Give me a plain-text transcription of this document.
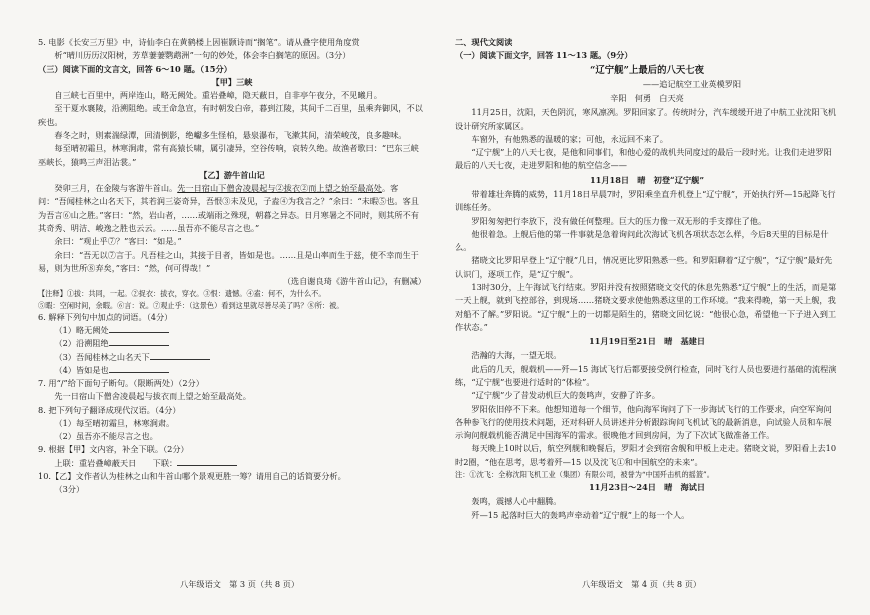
5. 电影《长安三万里》中，诗仙李白在黄鹤楼上因崔颢诗而“搁笔”。请从叠字使用角度赏

析“晴川历历汉阳树，芳草萋萋鹦鹉洲”一句的妙处，体会李白搁笔的原因。（3分）

（三）阅读下面的文言文，回答 6～10 题。（15分）

【甲】三峡

自三峡七百里中，两岸连山，略无阙处。重岩叠嶂，隐天蔽日，自非亭午夜分，不见曦月。

至于夏水襄陵，沿溯阻绝。或王命急宣，有时朝发白帝，暮到江陵，其间千二百里，虽乘奔御风，不以疾也。

春冬之时，则素湍绿潭，回清倒影，绝巘多生怪柏，悬泉瀑布，飞漱其间，清荣峻茂，良多趣味。

每至晴初霜旦，林寒涧肃，常有高猿长啸，属引凄异，空谷传响，哀转久绝。故渔者歌曰：“巴东三峡巫峡长，猿鸣三声泪沾裳。”

【乙】游牛首山记

癸卯三月，在金陵与客游牛首山。先一日宿山下僧舍凌晨起与②拔衣②而上望之始至最高处。客问：“吾闻桂林之山名天下，其若润三姿奇异，吾恨③未及见，子盍④为我言之？”余曰：“未暇⑤也。客且为吾言⑥山之胜。”客曰：“然，岩山者，……或端雨之殊现，朝暮之异态。日月寒暑之不同时，则其所不有其奇秀、明洁、峻逸之胜也云云。……虽吾亦不能尽言之也。”

余曰：“观止乎⑦？”客曰：“如是。”

余曰：“吾无以⑦言于。凡吾桂之山，其接于目者，皆如是也。……且是山率而生于兹，使不幸而生于易，则为世所⑧弃矣，”客曰：“然，何可得哉！”

（选自谢良琦《游牛首山记》，有删减）

【注释】①拔：共同，一起。②捉衣：拔衣，穿衣。③恨：遗憾。④盍：何不，为什么不。

⑤暇：空闲时间，余暇。⑥言：说。⑦观止乎：（这景色）看到这里就尽善尽美了吗？⑧所：被。

6. 解释下列句中加点的词语。（4分）

（1）略无阙处

（2）沿溯阻绝

（3）吾闻桂林之山名天下

（4）皆如是也

7. 用“/”给下面句子断句。（限断两处）（2分）

先一日宿山下僧舍凌晨起与拔衣而上望之始至最高处。

8. 把下列句子翻译成现代汉语。（4分）

（1）每至晴初霜旦，林寒涧肃。

（2）虽吾亦不能尽言之也。

9. 根据【甲】文内容，补全下联。（2分）

上联：重岩叠嶂蔽天日　　 下联：

10.【乙】文作者认为桂林之山和牛首山哪个景观更胜一筹？请用自己的话简要分析。

（3分）

八年级语文　第 3 页（共 8 页）

二、现代文阅读

（一）阅读下面文字，回答 11～13 题。（9分）

“辽宁舰”上最后的八天七夜

——追记航空工业英模罗阳

辛阳　何勇　白天亮

11月25日，沈阳，天色阴沉，寒风凛冽。罗阳回家了。传统时分，汽车缓缓开进了中航工业沈阳飞机设计研究所家属区。

车窗外，有他熟悉的温暖的家；可他，永远回不来了。

“辽宁舰”上的八天七夜，是他和同事们，和他心爱的战机共同度过的最后一段时光。让我们走进罗阳最后的八天七夜，走进罗阳和他的航空信念——

11月18日　晴　初登“辽宁舰”

带着雄壮奔腾的威势，11月18日早晨7时，罗阳乘坐直升机登上“辽宁舰”，开始执行歼—15起降飞行训练任务。

罗阳匆匆把行李放下，没有做任何整理。巨大的压力像一双无形的手支撑住了他。

他很着急。上舰后他的第一件事就是急着询问此次海试飞机各项状态怎么样，今后8天里的目标是什么。

猪晓文比罗阳早登上“辽宁舰”几日，情况更比罗阳熟悉一些。和罗阳聊着“辽宁舰”，“辽宁舰”最好先认识门，逐项工作，是“辽宁舰”。

13时30分，上午海试飞行结束。罗阳并没有按照猪晓文交代的休息先熟悉“辽宁舰”上的生活，而是第一天上舰，就到飞控部谷，到现场……猪晓文要求使他熟悉这里的工作环境。“我来得晚，第一天上舰，我对船不了解。”罗阳说。“辽宁舰”上的一切都是陌生的，猪晓文回忆说：“他很心急，希望他一下子进入到工作状态。”

11月19日至21日　晴　基建日

浩瀚的大海，一望无垠。

此后的几天，舰载机——歼—15 海试飞行后都要接受例行检查，同时飞行人员也要进行基础的流程演练，“辽宁舰”也要进行适时的“体检”。

“辽宁舰”少了昔发动机巨大的轰鸣声，安静了许多。

罗阳依旧停不下来。他想知道每一个细节，他向海军询问了下一步海试飞行的工作要求，向空军询问各种参飞行的使用技术问题，还对科研人员讲述并分析跟踪询问飞机试飞的最新消息，向试验人员和车展示询问舰载机能否满足中国海军的需求。很晚他才回到房间，为了下次试飞做准备工作。

每天晚上10时以后，航空列舰和晚餐后，罗阳才会到宿舍舰和甲板上走走。猪晓文说，罗阳看上去10时2圈，“他在思考，思考着歼—15 以及沈飞①和中国航空的未来”。

注：①沈飞：全称沈阳飞机工业（集团）有限公司，被誉为“中国歼击机的摇篮”。

11月23日～24日　晴　海试日

轰鸣，震撼人心中翻腾。

歼—15 起落时巨大的轰鸣声牵动着“辽宁舰”上的每一个人。

八年级语文　第 4 页（共 8 页）
